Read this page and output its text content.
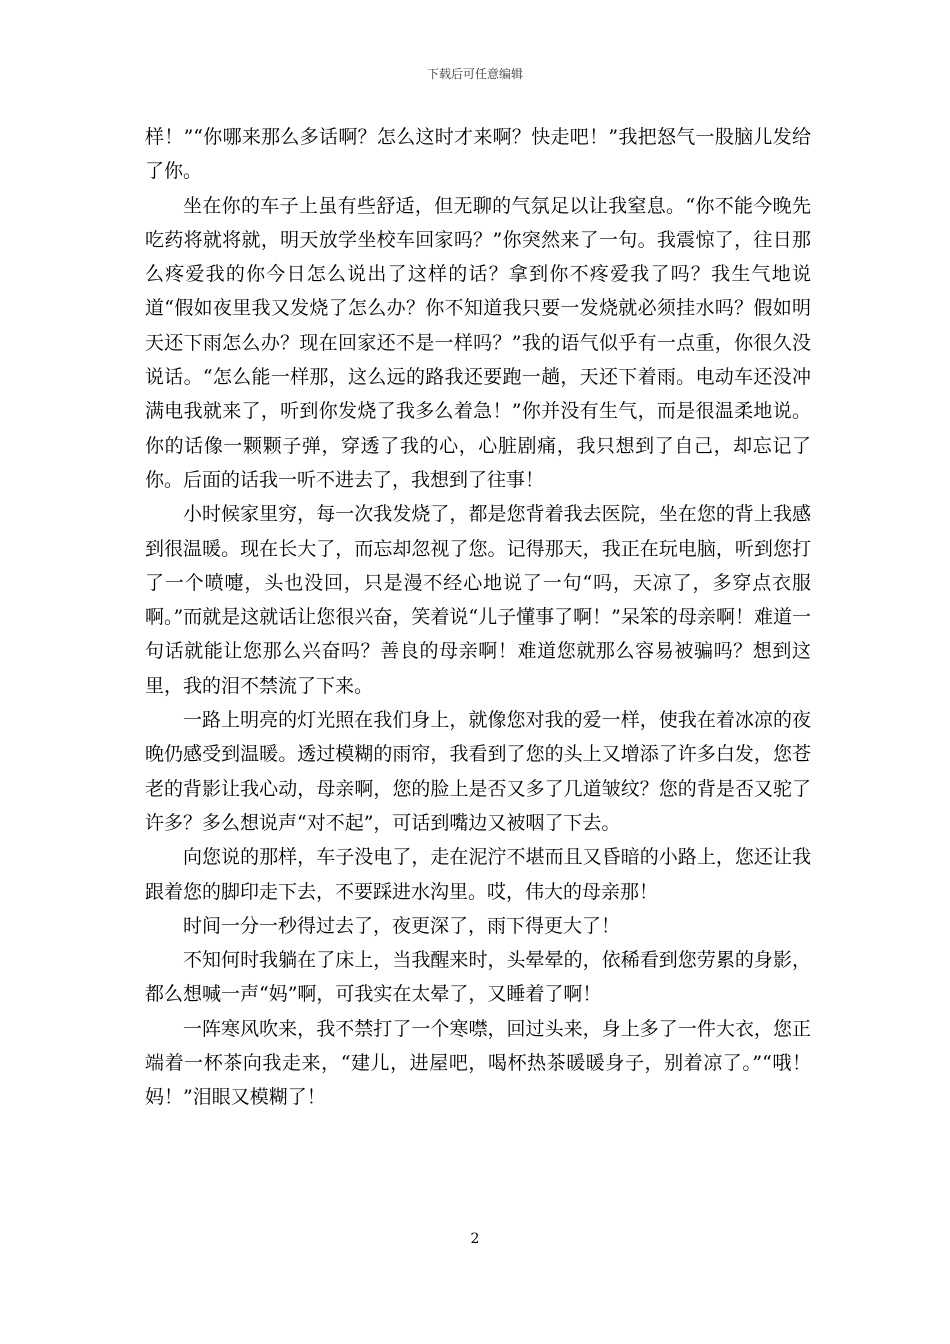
下载后可任意编辑

样！”“你哪来那么多话啊？怎么这时才来啊？快走吧！”我把怒气一股脑儿发给了你。

坐在你的车子上虽有些舒适，但无聊的气氛足以让我窒息。“你不能今晚先吃药将就将就，明天放学坐校车回家吗？”你突然来了一句。我震惊了，往日那么疼爱我的你今日怎么说出了这样的话？拿到你不疼爱我了吗？我生气地说道“假如夜里我又发烧了怎么办？你不知道我只要一发烧就必须挂水吗？假如明天还下雨怎么办？现在回家还不是一样吗？”我的语气似乎有一点重，你很久没说话。“怎么能一样那，这么远的路我还要跑一趟，天还下着雨。电动车还没冲满电我就来了，听到你发烧了我多么着急！”你并没有生气，而是很温柔地说。你的话像一颗颗子弹，穿透了我的心，心脏剧痛，我只想到了自己，却忘记了你。后面的话我一听不进去了，我想到了往事！

小时候家里穷，每一次我发烧了，都是您背着我去医院，坐在您的背上我感到很温暖。现在长大了，而忘却忽视了您。记得那天，我正在玩电脑，听到您打了一个喷嚏，头也没回，只是漫不经心地说了一句“吗，天凉了，多穿点衣服啊。”而就是这就话让您很兴奋，笑着说“儿子懂事了啊！”呆笨的母亲啊！难道一句话就能让您那么兴奋吗？善良的母亲啊！难道您就那么容易被骗吗？想到这里，我的泪不禁流了下来。

一路上明亮的灯光照在我们身上，就像您对我的爱一样，使我在着冰凉的夜晚仍感受到温暖。透过模糊的雨帘，我看到了您的头上又增添了许多白发，您苍老的背影让我心动，母亲啊，您的脸上是否又多了几道皱纹？您的背是否又驼了许多？多么想说声“对不起”，可话到嘴边又被咽了下去。

向您说的那样，车子没电了，走在泥泞不堪而且又昏暗的小路上，您还让我跟着您的脚印走下去，不要踩进水沟里。哎，伟大的母亲那！

时间一分一秒得过去了，夜更深了，雨下得更大了！

不知何时我躺在了床上，当我醒来时，头晕晕的，依稀看到您劳累的身影，都么想喊一声“妈”啊，可我实在太晕了，又睡着了啊！

一阵寒风吹来，我不禁打了一个寒噤，回过头来，身上多了一件大衣，您正端着一杯茶向我走来，“建儿，进屋吧，喝杯热茶暖暖身子，别着凉了。”“哦！妈！”泪眼又模糊了！

2
